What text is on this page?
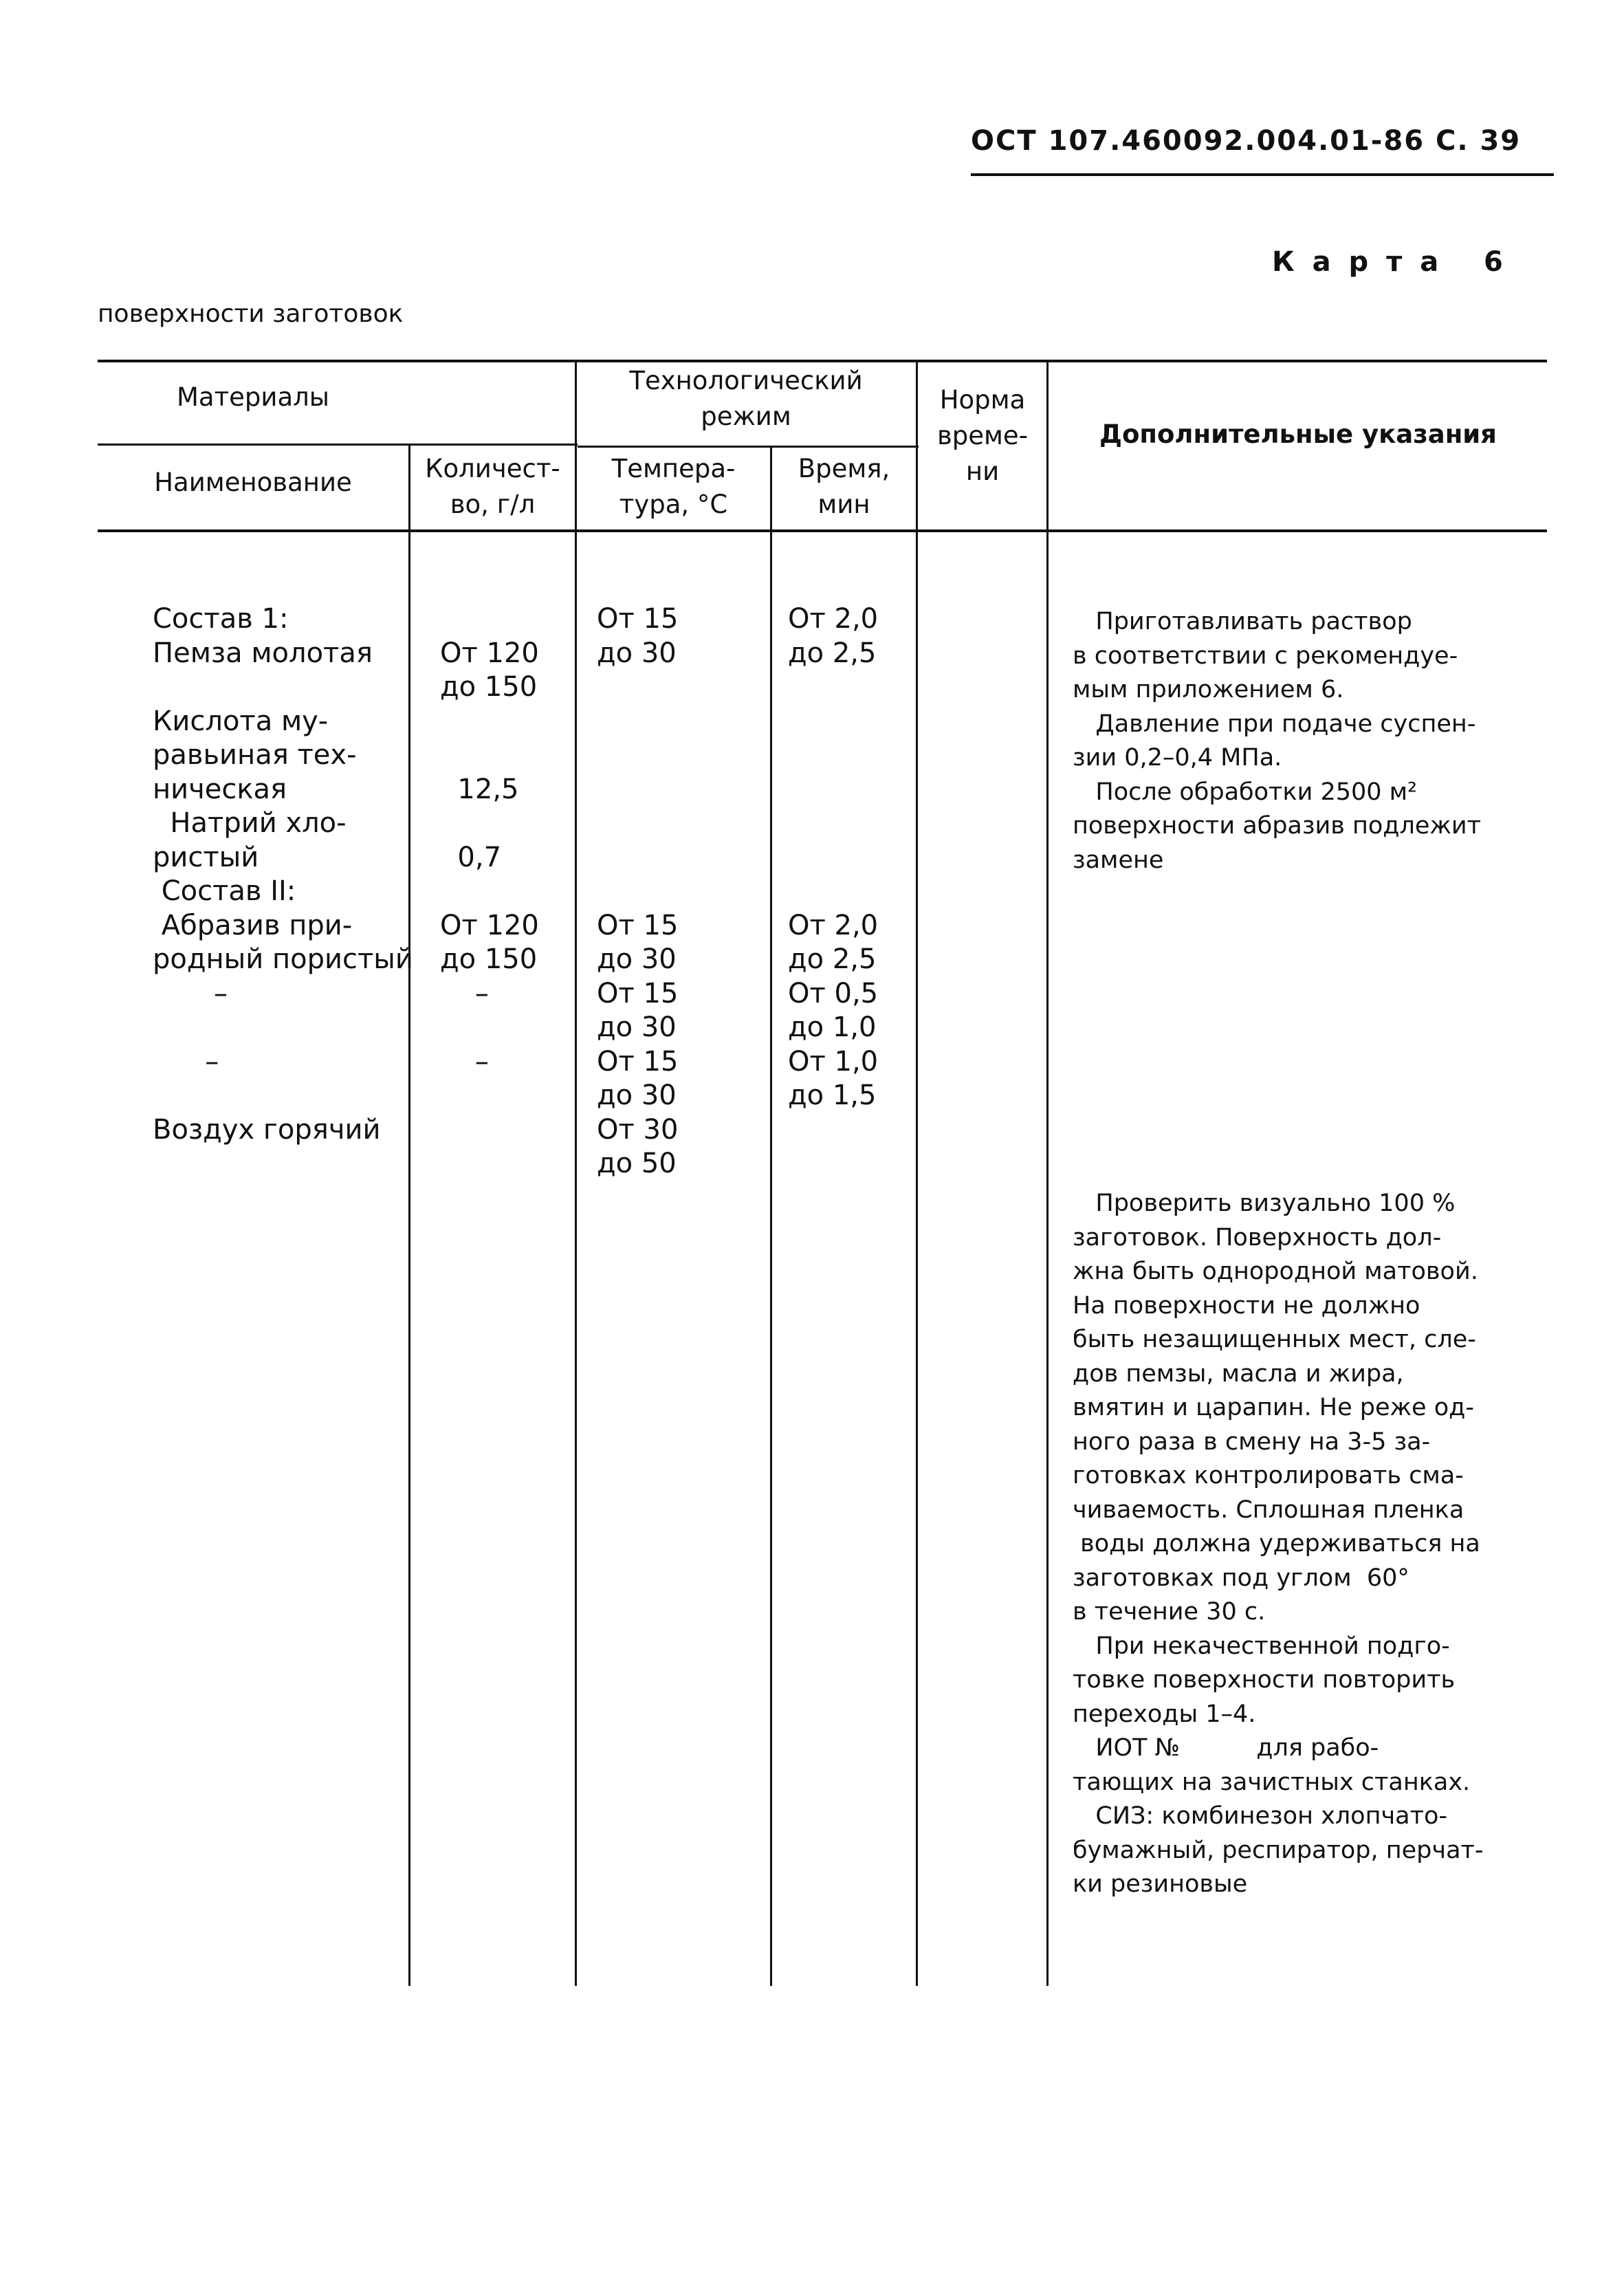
ОСТ 107.460092.004.01-86 С. 39
К а р т а   6
поверхности заготовок
Материалы
Технологический
режим
Норма
време-
ни
Дополнительные указания
Наименование	Количест-
во, г/л
Темпера-
тура, °С
Время,
мин
Состав 1:
Пемза молотая

Кислота му-
равьиная тех-
ническая
Натрий хло-
ристый
Состав II:
Абразив при-
родный пористый
–

–

Воздух горячий

От 120
до 150

12,5

0,7

От 120
до 150
–

–
От 15
до 30

От 15
до 30
От 15
до 30
От 15
до 30
От 30
до 50
От 2,0
до 2,5

От 2,0
до 2,5
От 0,5
до 1,0
От 1,0
до 1,5
Приготавливать раствор
в соответствии с рекомендуе-
мым приложением 6.
Давление при подаче суспен-
зии 0,2–0,4 МПа.
После обработки 2500 м²
поверхности абразив подлежит
замене
Проверить визуально 100 %
заготовок. Поверхность дол-
жна быть однородной матовой.
На поверхности не должно
быть незащищенных мест, сле-
дов пемзы, масла и жира,
вмятин и царапин. Не реже од-
ного раза в смену на 3-5 за-
готовках контролировать сма-
чиваемость. Сплошная пленка
воды должна удерживаться на
заготовках под углом  60°
в течение 30 с.
При некачественной подго-
товке поверхности повторить
переходы 1–4.
ИОТ №          для рабо-
тающих на зачистных станках.
СИЗ: комбинезон хлопчато-
бумажный, респиратор, перчат-
ки резиновые
